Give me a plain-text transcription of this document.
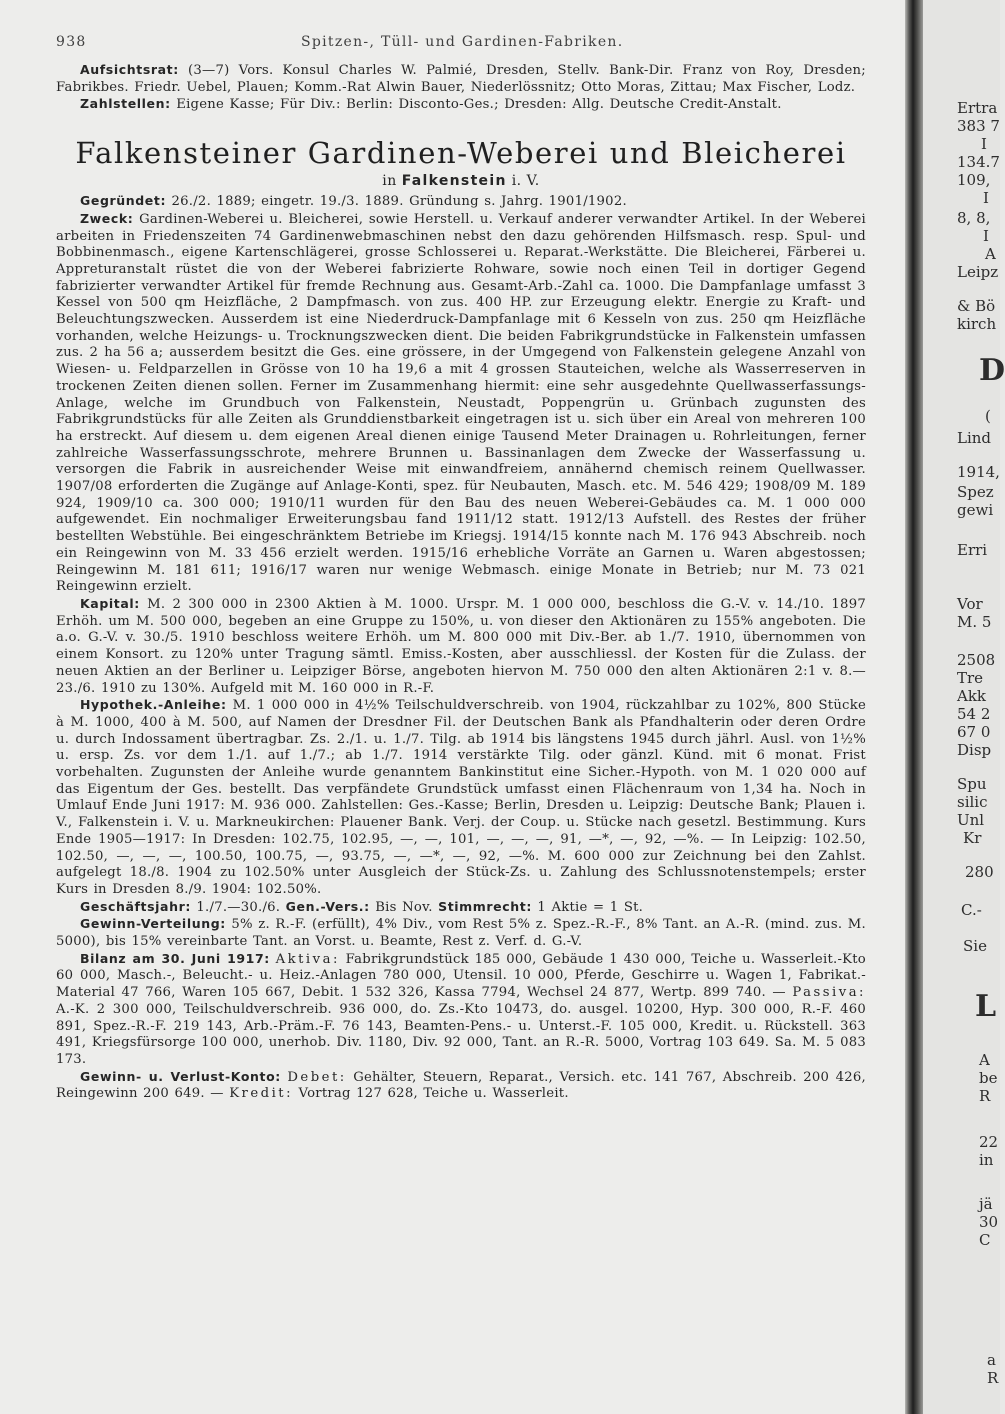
938	Spitzen-, Tüll- und Gardinen-Fabriken.

Aufsichtsrat: (3—7) Vors. Konsul Charles W. Palmié, Dresden, Stellv. Bank-Dir. Franz von Roy, Dresden; Fabrikbes. Friedr. Uebel, Plauen; Komm.-Rat Alwin Bauer, Niederlössnitz; Otto Moras, Zittau; Max Fischer, Lodz.

Zahlstellen: Eigene Kasse; Für Div.: Berlin: Disconto-Ges.; Dresden: Allg. Deutsche Credit-Anstalt.

Falkensteiner Gardinen-Weberei und Bleicherei
in Falkenstein i. V.

Gegründet: 26./2. 1889; eingetr. 19./3. 1889. Gründung s. Jahrg. 1901/1902.

Zweck: Gardinen-Weberei u. Bleicherei, sowie Herstell. u. Verkauf anderer verwandter Artikel. In der Weberei arbeiten in Friedenszeiten 74 Gardinenwebmaschinen nebst den dazu gehörenden Hilfsmasch. resp. Spul- und Bobbinenmasch., eigene Kartenschlägerei, grosse Schlosserei u. Reparat.-Werkstätte. Die Bleicherei, Färberei u. Appreturanstalt rüstet die von der Weberei fabrizierte Rohware, sowie noch einen Teil in dortiger Gegend fabrizierter verwandter Artikel für fremde Rechnung aus. Gesamt-Arb.-Zahl ca. 1000. Die Dampfanlage umfasst 3 Kessel von 500 qm Heizfläche, 2 Dampfmasch. von zus. 400 HP. zur Erzeugung elektr. Energie zu Kraft- und Beleuchtungszwecken. Ausserdem ist eine Niederdruck-Dampfanlage mit 6 Kesseln von zus. 250 qm Heizfläche vorhanden, welche Heizungs- u. Trocknungszwecken dient. Die beiden Fabrikgrundstücke in Falkenstein umfassen zus. 2 ha 56 a; ausserdem besitzt die Ges. eine grössere, in der Umgegend von Falkenstein gelegene Anzahl von Wiesen- u. Feldparzellen in Grösse von 10 ha 19,6 a mit 4 grossen Stauteichen, welche als Wasserreserven in trockenen Zeiten dienen sollen. Ferner im Zusammenhang hiermit: eine sehr ausgedehnte Quellwasserfassungs-Anlage, welche im Grundbuch von Falkenstein, Neustadt, Poppengrün u. Grünbach zugunsten des Fabrikgrundstücks für alle Zeiten als Grunddienstbarkeit eingetragen ist u. sich über ein Areal von mehreren 100 ha erstreckt. Auf diesem u. dem eigenen Areal dienen einige Tausend Meter Drainagen u. Rohrleitungen, ferner zahlreiche Wasserfassungsschrote, mehrere Brunnen u. Bassinanlagen dem Zwecke der Wasserfassung u. versorgen die Fabrik in ausreichender Weise mit einwandfreiem, annähernd chemisch reinem Quellwasser. 1907/08 erforderten die Zugänge auf Anlage-Konti, spez. für Neubauten, Masch. etc. M. 546 429; 1908/09 M. 189 924, 1909/10 ca. 300 000; 1910/11 wurden für den Bau des neuen Weberei-Gebäudes ca. M. 1 000 000 aufgewendet. Ein nochmaliger Erweiterungsbau fand 1911/12 statt. 1912/13 Aufstell. des Restes der früher bestellten Webstühle. Bei eingeschränktem Betriebe im Kriegsj. 1914/15 konnte nach M. 176 943 Abschreib. noch ein Reingewinn von M. 33 456 erzielt werden. 1915/16 erhebliche Vorräte an Garnen u. Waren abgestossen; Reingewinn M. 181 611; 1916/17 waren nur wenige Webmasch. einige Monate in Betrieb; nur M. 73 021 Reingewinn erzielt.

Kapital: M. 2 300 000 in 2300 Aktien à M. 1000. Urspr. M. 1 000 000, beschloss die G.-V. v. 14./10. 1897 Erhöh. um M. 500 000, begeben an eine Gruppe zu 150%, u. von dieser den Aktionären zu 155% angeboten. Die a.o. G.-V. v. 30./5. 1910 beschloss weitere Erhöh. um M. 800 000 mit Div.-Ber. ab 1./7. 1910, übernommen von einem Konsort. zu 120% unter Tragung sämtl. Emiss.-Kosten, aber ausschliessl. der Kosten für die Zulass. der neuen Aktien an der Berliner u. Leipziger Börse, angeboten hiervon M. 750 000 den alten Aktionären 2:1 v. 8.—23./6. 1910 zu 130%. Aufgeld mit M. 160 000 in R.-F.

Hypothek.-Anleihe: M. 1 000 000 in 4½% Teilschuldverschreib. von 1904, rückzahlbar zu 102%, 800 Stücke à M. 1000, 400 à M. 500, auf Namen der Dresdner Fil. der Deutschen Bank als Pfandhalterin oder deren Ordre u. durch Indossament übertragbar. Zs. 2./1. u. 1./7. Tilg. ab 1914 bis längstens 1945 durch jährl. Ausl. von 1½% u. ersp. Zs. vor dem 1./1. auf 1./7.; ab 1./7. 1914 verstärkte Tilg. oder gänzl. Künd. mit 6 monat. Frist vorbehalten. Zugunsten der Anleihe wurde genanntem Bankinstitut eine Sicher.-Hypoth. von M. 1 020 000 auf das Eigentum der Ges. bestellt. Das verpfändete Grundstück umfasst einen Flächenraum von 1,34 ha. Noch in Umlauf Ende Juni 1917: M. 936 000. Zahlstellen: Ges.-Kasse; Berlin, Dresden u. Leipzig: Deutsche Bank; Plauen i. V., Falkenstein i. V. u. Markneukirchen: Plauener Bank. Verj. der Coup. u. Stücke nach gesetzl. Bestimmung. Kurs Ende 1905—1917: In Dresden: 102.75, 102.95, —, —, 101, —, —, —, 91, —*, —, 92, —%. — In Leipzig: 102.50, 102.50, —, —, —, 100.50, 100.75, —, 93.75, —, —*, —, 92, —%. M. 600 000 zur Zeichnung bei den Zahlst. aufgelegt 18./8. 1904 zu 102.50% unter Ausgleich der Stück-Zs. u. Zahlung des Schlussnotenstempels; erster Kurs in Dresden 8./9. 1904: 102.50%.

Geschäftsjahr: 1./7.—30./6. Gen.-Vers.: Bis Nov. Stimmrecht: 1 Aktie = 1 St.

Gewinn-Verteilung: 5% z. R.-F. (erfüllt), 4% Div., vom Rest 5% z. Spez.-R.-F., 8% Tant. an A.-R. (mind. zus. M. 5000), bis 15% vereinbarte Tant. an Vorst. u. Beamte, Rest z. Verf. d. G.-V.

Bilanz am 30. Juni 1917: Aktiva: Fabrikgrundstück 185 000, Gebäude 1 430 000, Teiche u. Wasserleit.-Kto 60 000, Masch.-, Beleucht.- u. Heiz.-Anlagen 780 000, Utensil. 10 000, Pferde, Geschirre u. Wagen 1, Fabrikat.-Material 47 766, Waren 105 667, Debit. 1 532 326, Kassa 7794, Wechsel 24 877, Wertp. 899 740. — Passiva: A.-K. 2 300 000, Teilschuldverschreib. 936 000, do. Zs.-Kto 10473, do. ausgel. 10200, Hyp. 300 000, R.-F. 460 891, Spez.-R.-F. 219 143, Arb.-Präm.-F. 76 143, Beamten-Pens.- u. Unterst.-F. 105 000, Kredit. u. Rückstell. 363 491, Kriegsfürsorge 100 000, unerhob. Div. 1180, Div. 92 000, Tant. an R.-R. 5000, Vortrag 103 649. Sa. M. 5 083 173.

Gewinn- u. Verlust-Konto: Debet: Gehälter, Steuern, Reparat., Versich. etc. 141 767, Abschreib. 200 426, Reingewinn 200 649. — Kredit: Vortrag 127 628, Teiche u. Wasserleit.

Ertra
383 7
I
134.7
109,
I
8, 8,
I
A
Leipz
& Bö
kirch
D
(
Lind
1914,
Spez
gewi
Erri
Vor
M. 5
2508
Tre
Akk
54 2
67 0
Disp
Spu
silic
Unl
Kr
280
C.-
Sie
L
A
be
R
22
in
jä
30
C
a
R
